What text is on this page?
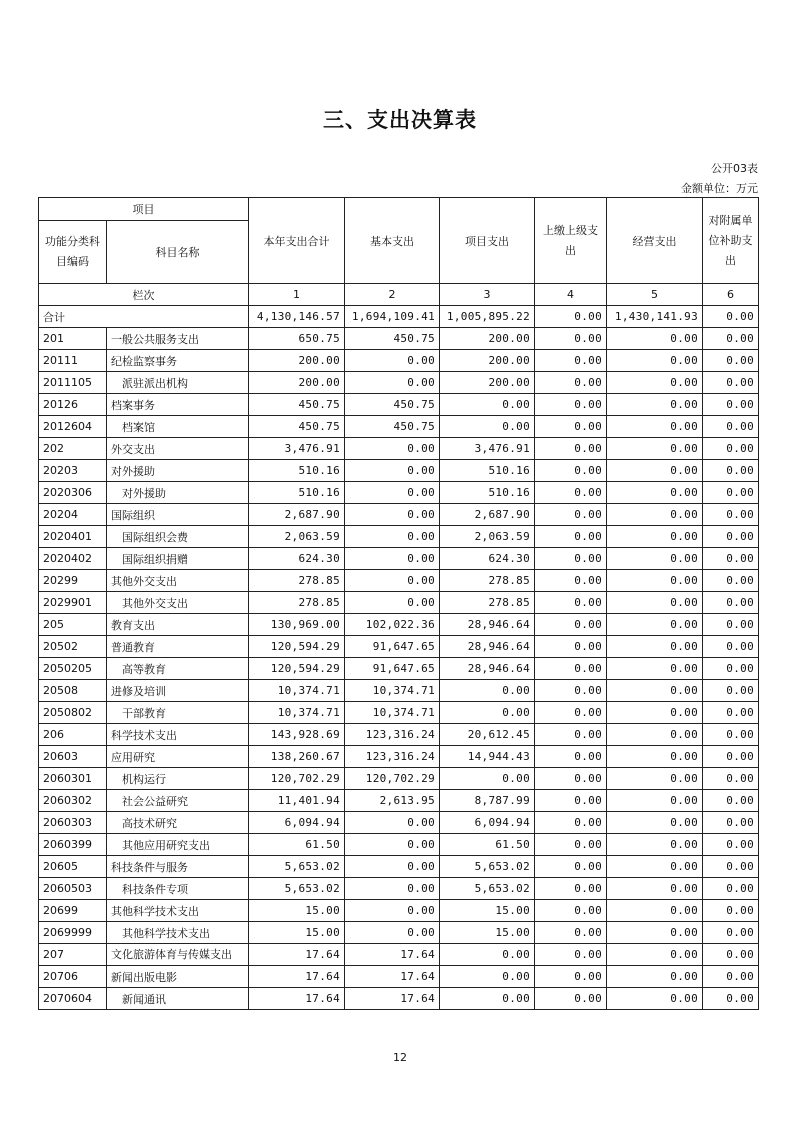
三、支出决算表
公开03表
金额单位：万元
项目		本年支出合计	基本支出	项目支出	上缴上级支出	经营支出	对附属单位补助支出
功能分类科目编码	科目名称						
栏次		1	2	3	4	5	6
合计		4,130,146.57	1,694,109.41	1,005,895.22	0.00	1,430,141.93	0.00
201	一般公共服务支出	650.75	450.75	200.00	0.00	0.00	0.00
20111	纪检监察事务	200.00	0.00	200.00	0.00	0.00	0.00
2011105	派驻派出机构	200.00	0.00	200.00	0.00	0.00	0.00
20126	档案事务	450.75	450.75	0.00	0.00	0.00	0.00
2012604	档案馆	450.75	450.75	0.00	0.00	0.00	0.00
202	外交支出	3,476.91	0.00	3,476.91	0.00	0.00	0.00
20203	对外援助	510.16	0.00	510.16	0.00	0.00	0.00
2020306	对外援助	510.16	0.00	510.16	0.00	0.00	0.00
20204	国际组织	2,687.90	0.00	2,687.90	0.00	0.00	0.00
2020401	国际组织会费	2,063.59	0.00	2,063.59	0.00	0.00	0.00
2020402	国际组织捐赠	624.30	0.00	624.30	0.00	0.00	0.00
20299	其他外交支出	278.85	0.00	278.85	0.00	0.00	0.00
2029901	其他外交支出	278.85	0.00	278.85	0.00	0.00	0.00
205	教育支出	130,969.00	102,022.36	28,946.64	0.00	0.00	0.00
20502	普通教育	120,594.29	91,647.65	28,946.64	0.00	0.00	0.00
2050205	高等教育	120,594.29	91,647.65	28,946.64	0.00	0.00	0.00
20508	进修及培训	10,374.71	10,374.71	0.00	0.00	0.00	0.00
2050802	干部教育	10,374.71	10,374.71	0.00	0.00	0.00	0.00
206	科学技术支出	143,928.69	123,316.24	20,612.45	0.00	0.00	0.00
20603	应用研究	138,260.67	123,316.24	14,944.43	0.00	0.00	0.00
2060301	机构运行	120,702.29	120,702.29	0.00	0.00	0.00	0.00
2060302	社会公益研究	11,401.94	2,613.95	8,787.99	0.00	0.00	0.00
2060303	高技术研究	6,094.94	0.00	6,094.94	0.00	0.00	0.00
2060399	其他应用研究支出	61.50	0.00	61.50	0.00	0.00	0.00
20605	科技条件与服务	5,653.02	0.00	5,653.02	0.00	0.00	0.00
2060503	科技条件专项	5,653.02	0.00	5,653.02	0.00	0.00	0.00
20699	其他科学技术支出	15.00	0.00	15.00	0.00	0.00	0.00
2069999	其他科学技术支出	15.00	0.00	15.00	0.00	0.00	0.00
207	文化旅游体育与传媒支出	17.64	17.64	0.00	0.00	0.00	0.00
20706	新闻出版电影	17.64	17.64	0.00	0.00	0.00	0.00
2070604	新闻通讯	17.64	17.64	0.00	0.00	0.00	0.00
12
